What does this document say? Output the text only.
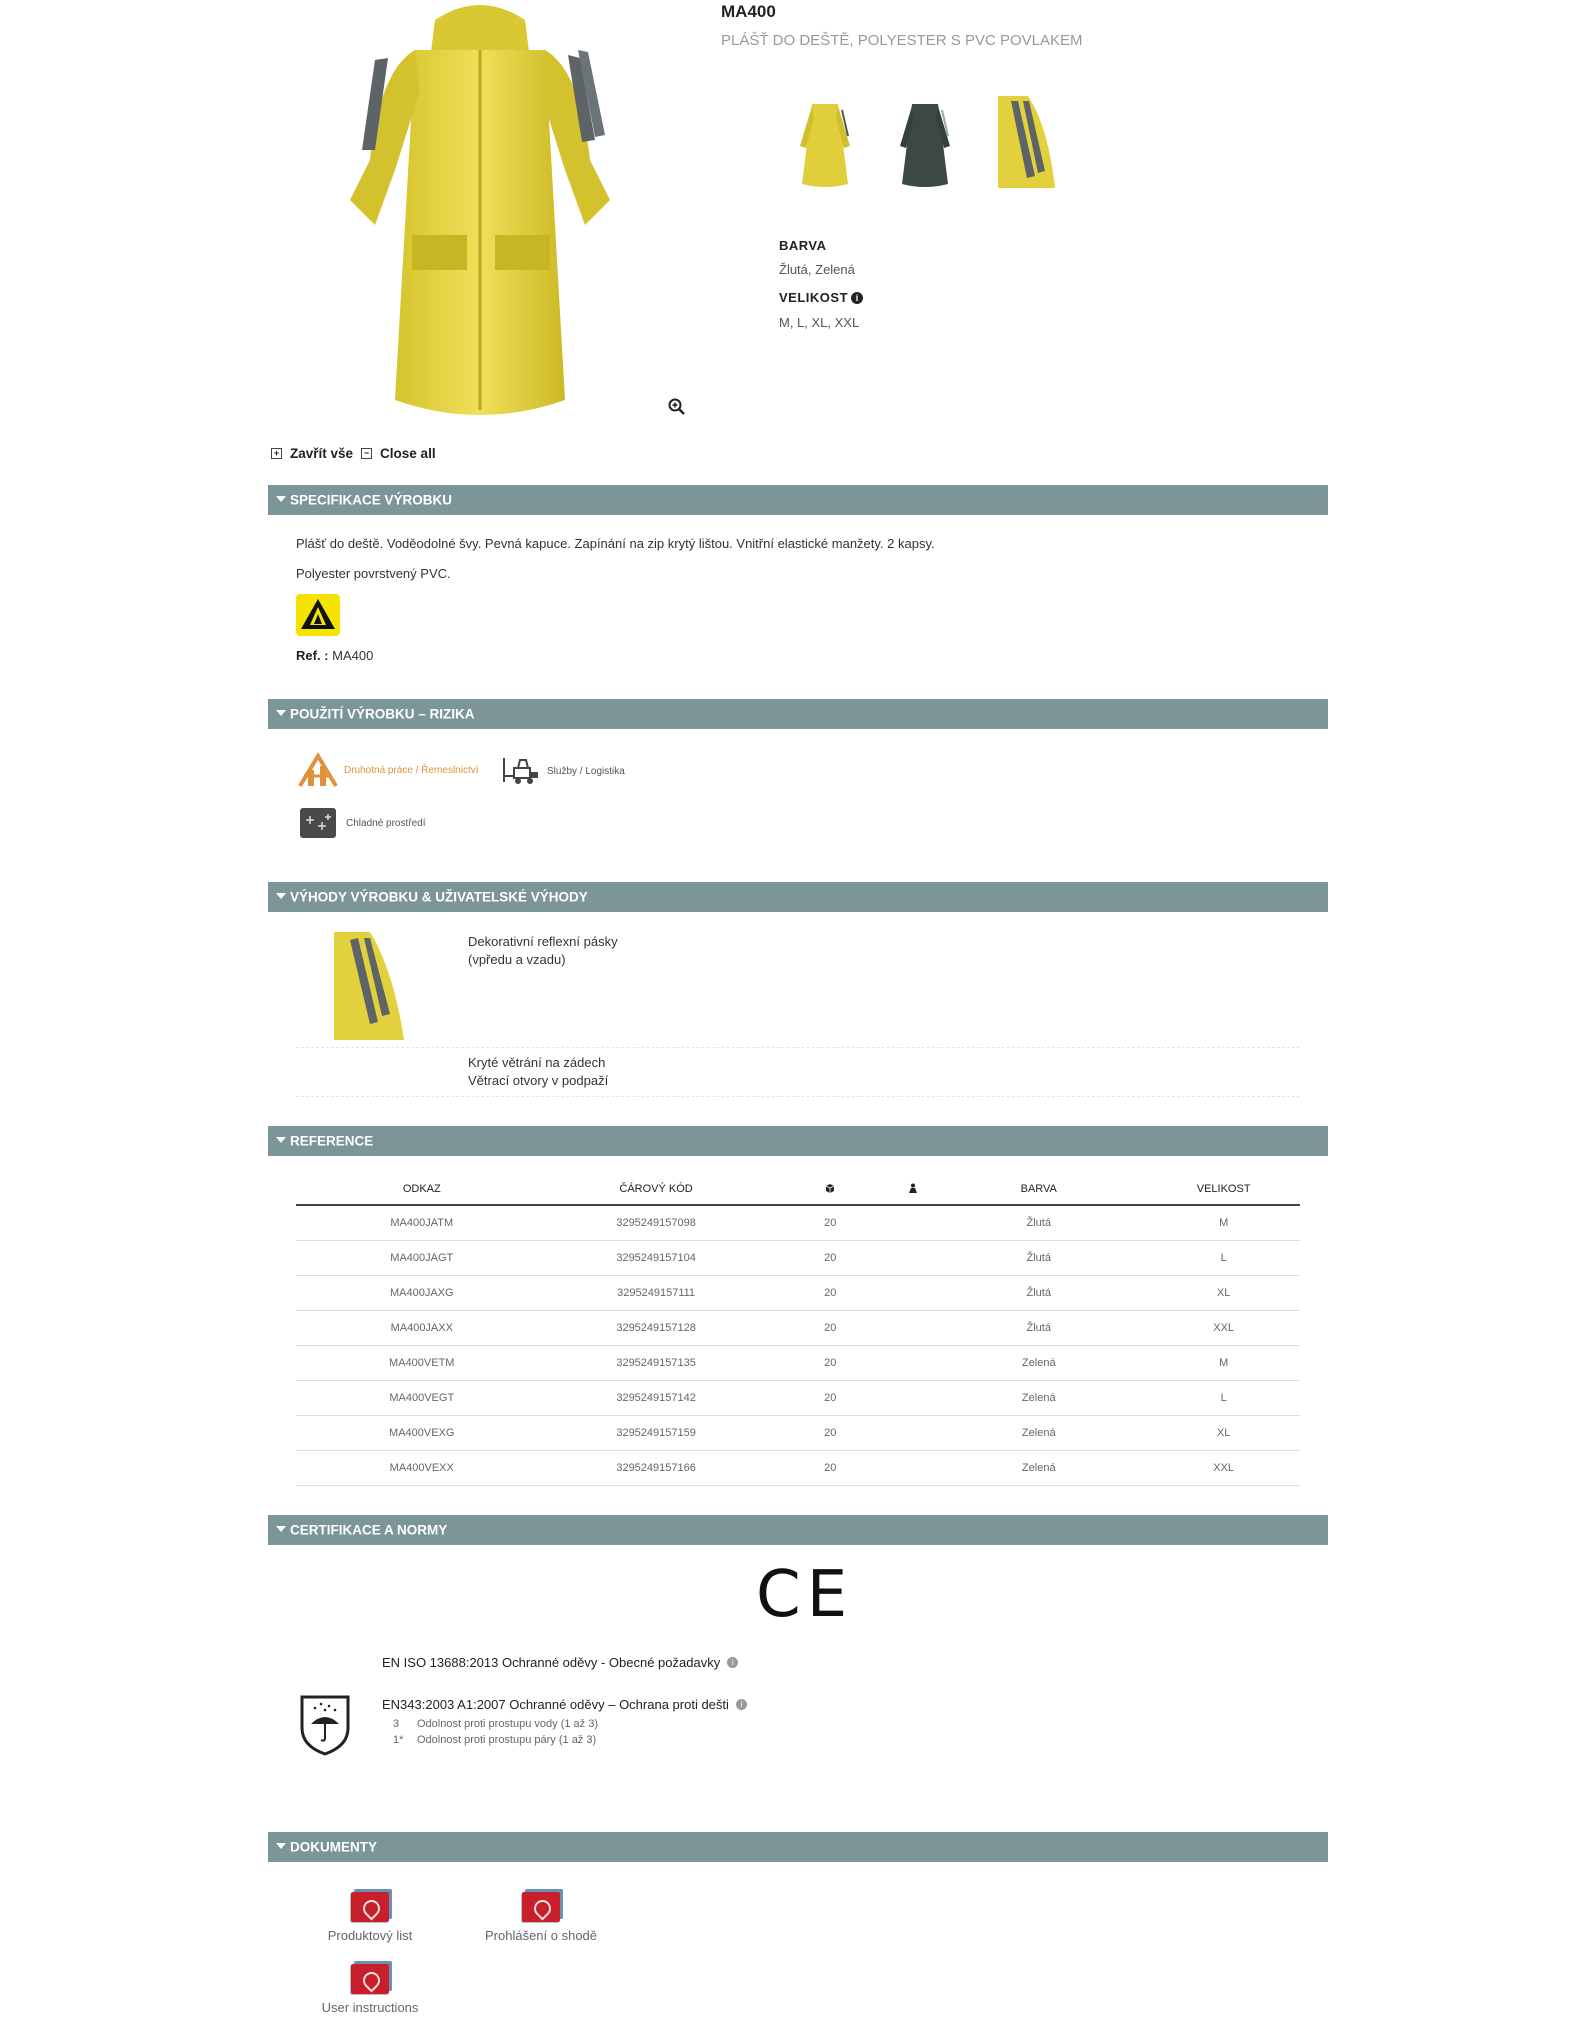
MA400
PLÁŠŤ DO DEŠTĚ, POLYESTER S PVC POVLAKEM
BARVA
Žlutá, Zelená
VELIKOST i
M, L, XL, XXL
+ Zavřít vše	− Close all
SPECIFIKACE VÝROBKU
Plášť do deště. Voděodolné švy. Pevná kapuce. Zapínání na zip krytý lištou. Vnitřní elastické manžety. 2 kapsy.
Polyester povrstvený PVC.
Ref. : MA400
POUŽITÍ VÝROBKU – RIZIKA
Druhotná práce / Řemeslnictví	Služby / Logistika
Chladné prostředí
VÝHODY VÝROBKU & UŽIVATELSKÉ VÝHODY
Dekorativní reflexní pásky
(vpředu a vzadu)
Kryté větrání na zádech
Větrací otvory v podpaží
REFERENCE
ODKAZ	ČÁROVÝ KÓD			BARVA	VELIKOST
MA400JATM	3295249157098	20		Žlutá	M
MA400JAGT	3295249157104	20		Žlutá	L
MA400JAXG	3295249157111	20		Žlutá	XL
MA400JAXX	3295249157128	20		Žlutá	XXL
MA400VETM	3295249157135	20		Zelená	M
MA400VEGT	3295249157142	20		Zelená	L
MA400VEXG	3295249157159	20		Zelená	XL
MA400VEXX	3295249157166	20		Zelená	XXL
CERTIFIKACE A NORMY
CE
EN ISO 13688:2013 Ochranné oděvy - Obecné požadavky	i
EN343:2003 A1:2007 Ochranné oděvy – Ochrana proti dešti	i
3 Odolnost proti prostupu vody (1 až 3)
1* Odolnost proti prostupu páry (1 až 3)
DOKUMENTY
Produktový list	Prohlášení o shodě
User instructions
